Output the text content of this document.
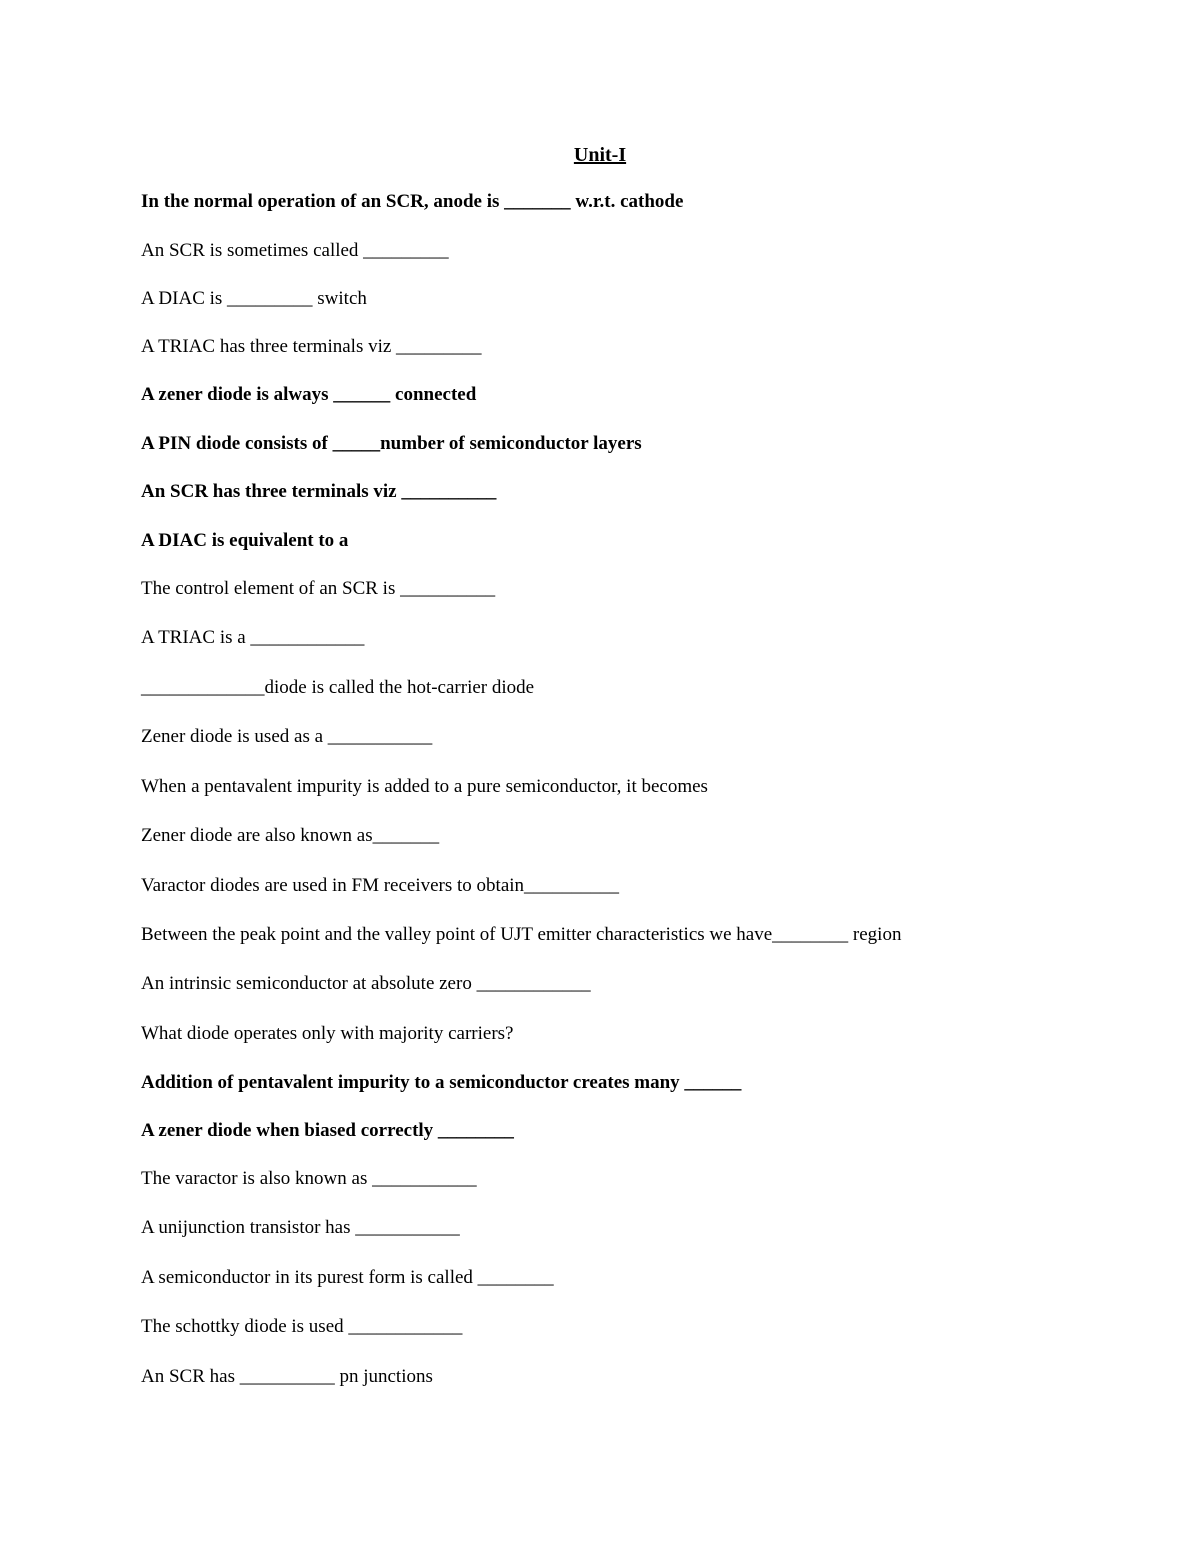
Unit-I
In the normal operation of an SCR, anode is _______ w.r.t. cathode
An SCR is sometimes called _________
A DIAC is _________ switch
A TRIAC has three terminals viz _________
A zener diode is always ______ connected
A PIN diode consists of _____number of semiconductor layers
An SCR has three terminals viz __________
A DIAC is equivalent to a
The control element of an SCR is __________
A TRIAC is a ____________
_____________diode is called the hot-carrier diode
Zener diode is used as a ___________
When a pentavalent impurity is added to a pure semiconductor, it becomes
Zener diode are also known as_______
Varactor diodes are used in FM receivers to obtain__________
Between the peak point and the valley point of UJT emitter characteristics we have________ region
An intrinsic semiconductor at absolute zero ____________
What diode operates only with majority carriers?
Addition of pentavalent impurity to a semiconductor creates many ______
A zener diode when biased correctly ________
The varactor is also known as ___________
A unijunction transistor has ___________
A semiconductor in its purest form is called ________
The schottky diode is used ____________
An SCR has __________ pn junctions
